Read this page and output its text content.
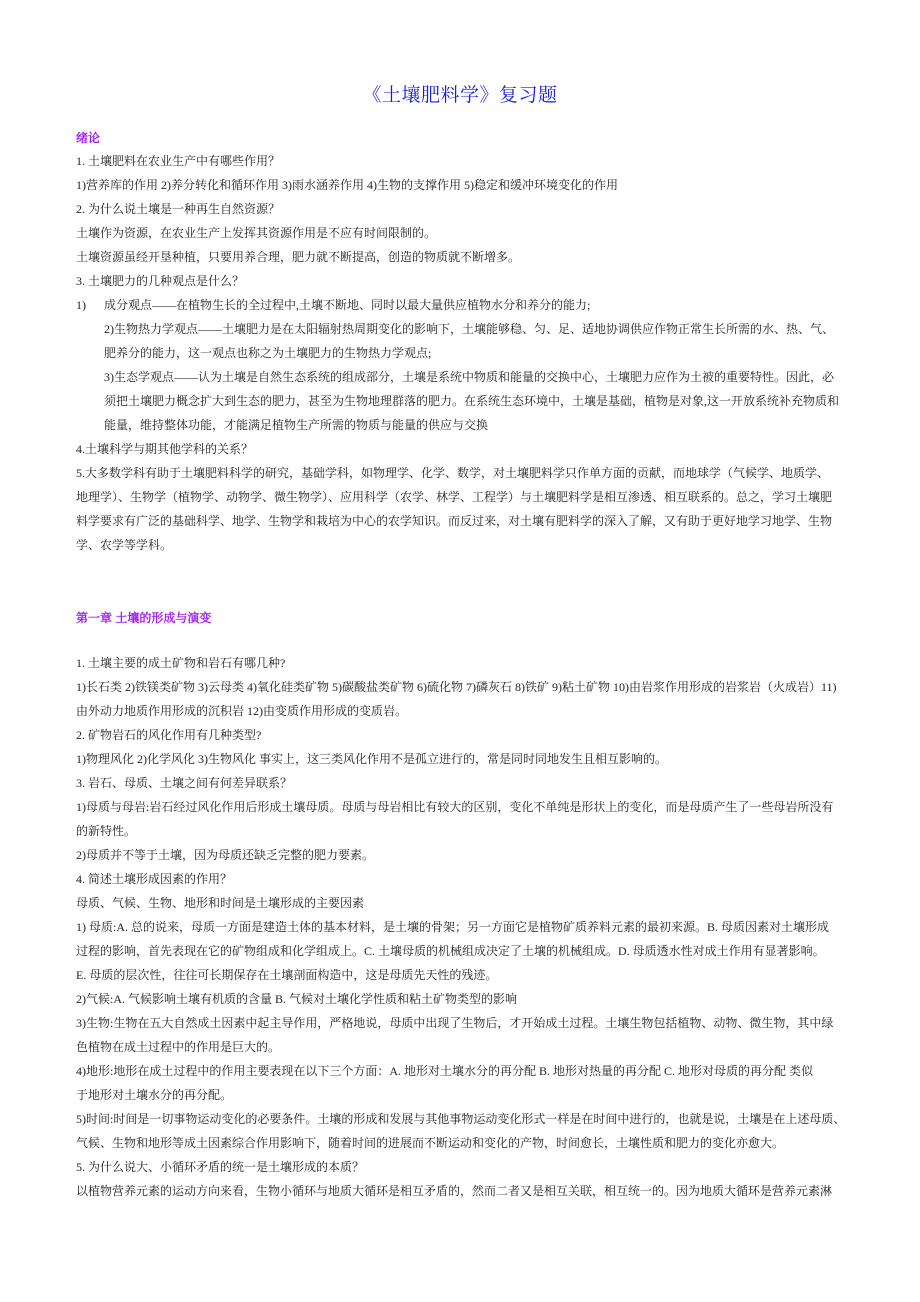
《土壤肥料学》复习题
绪论
1. 土壤肥料在农业生产中有哪些作用？
1)营养库的作用 2)养分转化和循环作用 3)雨水涵养作用 4)生物的支撑作用 5)稳定和缓冲环境变化的作用
2. 为什么说土壤是一种再生自然资源？
土壤作为资源，在农业生产上发挥其资源作用是不应有时间限制的。
土壤资源虽经开垦种植，只要用养合理，肥力就不断提高，创造的物质就不断增多。
3. 土壤肥力的几种观点是什么？
1)      成分观点——在植物生长的全过程中,土壤不断地、同时以最大量供应植物水分和养分的能力;
2)生物热力学观点——土壤肥力是在太阳辐射热周期变化的影响下，土壤能够稳、匀、足、适地协调供应作物正常生长所需的水、热、气、
肥养分的能力，这一观点也称之为土壤肥力的生物热力学观点;
3)生态学观点——认为土壤是自然生态系统的组成部分，土壤是系统中物质和能量的交换中心，土壤肥力应作为土被的重要特性。因此，必
须把土壤肥力概念扩大到生态的肥力，甚至为生物地理群落的肥力。在系统生态环境中，土壤是基础，植物是对象,这一开放系统补充物质和
能量，维持整体功能，才能满足植物生产所需的物质与能量的供应与交换
4.土壤科学与期其他学科的关系？
5.大多数学科有助于土壤肥料科学的研究，基础学科，如物理学、化学、数学，对土壤肥料学只作单方面的贡献，而地球学（气候学、地质学、
地理学）、生物学（植物学、动物学、微生物学）、应用科学（农学、林学、工程学）与土壤肥料学是相互渗透、相互联系的。总之，学习土壤肥
料学要求有广泛的基础科学、地学、生物学和栽培为中心的农学知识。而反过来，对土壤有肥料学的深入了解，又有助于更好地学习地学、生物
学、农学等学科。
第一章 土壤的形成与演变
1. 土壤主要的成土矿物和岩石有哪几种?
1)长石类 2)铁镁类矿物 3)云母类 4)氧化硅类矿物 5)碳酸盐类矿物 6)硫化物 7)磷灰石 8)铁矿 9)粘土矿物 10)由岩浆作用形成的岩浆岩（火成岩）11)
由外动力地质作用形成的沉积岩 12)由变质作用形成的变质岩。
2. 矿物岩石的风化作用有几种类型?
1)物理风化 2)化学风化 3)生物风化 事实上，这三类风化作用不是孤立进行的，常是同时同地发生且相互影响的。
3. 岩石、母质、土壤之间有何差异联系？
1)母质与母岩:岩石经过风化作用后形成土壤母质。母质与母岩相比有较大的区别，变化不单纯是形状上的变化，而是母质产生了一些母岩所没有
的新特性。
2)母质并不等于土壤，因为母质还缺乏完整的肥力要素。
4. 简述土壤形成因素的作用？
母质、气候、生物、地形和时间是土壤形成的主要因素
1) 母质:A. 总的说来，母质一方面是建造土体的基本材料，是土壤的骨架；另一方面它是植物矿质养料元素的最初来源。B. 母质因素对土壤形成
过程的影响，首先表现在它的矿物组成和化学组成上。C. 土壤母质的机械组成决定了土壤的机械组成。D. 母质透水性对成土作用有显著影响。
E. 母质的层次性，往往可长期保存在土壤剖面构造中，这是母质先天性的残迹。
2)气候:A. 气候影响土壤有机质的含量 B. 气候对土壤化学性质和粘土矿物类型的影响
3)生物:生物在五大自然成土因素中起主导作用，严格地说，母质中出现了生物后，才开始成土过程。土壤生物包括植物、动物、微生物，其中绿
色植物在成土过程中的作用是巨大的。
4)地形:地形在成土过程中的作用主要表现在以下三个方面：A. 地形对土壤水分的再分配 B. 地形对热量的再分配 C. 地形对母质的再分配 类似
于地形对土壤水分的再分配。
5)时间:时间是一切事物运动变化的必要条件。土壤的形成和发展与其他事物运动变化形式一样是在时间中进行的，也就是说，土壤是在上述母质、
气候、生物和地形等成土因素综合作用影响下，随着时间的进展而不断运动和变化的产物，时间愈长，土壤性质和肥力的变化亦愈大。
5. 为什么说大、小循环矛盾的统一是土壤形成的本质？
以植物营养元素的运动方向来看，生物小循环与地质大循环是相互矛盾的，然而二者又是相互关联，相互统一的。因为地质大循环是营养元素淋
